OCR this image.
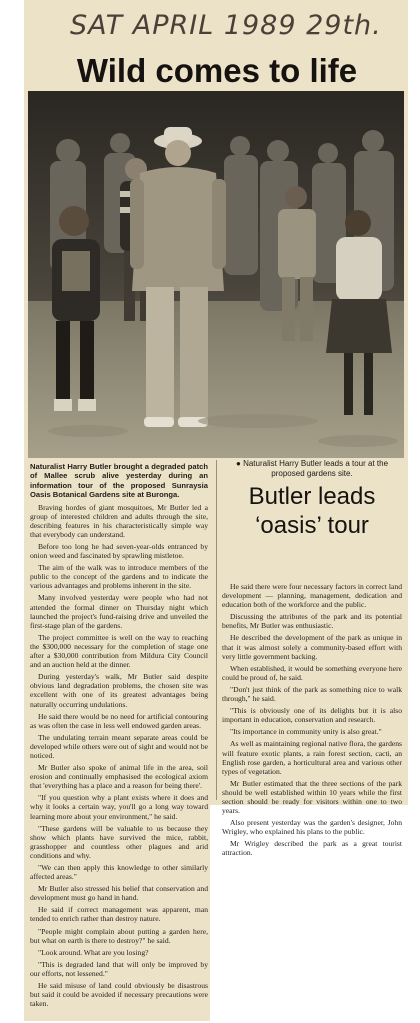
SAT APRIL 1989 29th.
Wild comes to life
● Naturalist Harry Butler leads a tour at the proposed gardens site.
Butler leads
‘oasis’ tour

Naturalist Harry Butler brought a degraded patch of Mallee scrub alive yesterday during an information tour of the proposed Sunraysia Oasis Botanical Gardens site at Buronga.

Braving hordes of giant mosquitoes, Mr Butler led a group of interested children and adults through the site, describing features in his characteristically simple way that everybody can understand.

Before too long he had seven-year-olds entranced by onion weed and fascinated by sprawling mistletoe.

The aim of the walk was to introduce members of the public to the concept of the gardens and to indicate the various advantages and problems inherent in the site.

Many involved yesterday were people who had not attended the formal dinner on Thursday night which launched the project's fund-raising drive and unveiled the first-stage plan of the gardens.

The project committee is well on the way to reaching the $300,000 necessary for the completion of stage one after a $30,000 contribution from Mildura City Council and an auction held at the dinner.

During yesterday's walk, Mr Butler said despite obvious land degradation problems, the chosen site was excellent with one of its greatest advantages being naturally occurring undulations.

He said there would be no need for artificial contouring as was often the case in less well endowed garden areas.

The undulating terrain meant separate areas could be developed while others were out of sight and would not be noticed.

Mr Butler also spoke of animal life in the area, soil erosion and continually emphasised the ecological axiom that 'everything has a place and a reason for being there'.

"If you question why a plant exists where it does and why it looks a certain way, you'll go a long way toward learning more about your environment," he said.

"These gardens will be valuable to us because they show which plants have survived the mice, rabbit, grasshopper and countless other plagues and arid conditions and why.

"We can then apply this knowledge to other similarly affected areas."

Mr Butler also stressed his belief that conservation and development must go hand in hand.

He said if correct management was apparent, man tended to enrich rather than destroy nature.

"People might complain about putting a garden here, but what on earth is there to destroy?" he said.

"Look around. What are you losing?

"This is degraded land that will only be improved by our efforts, not lessened."

He said misuse of land could obviously be disastrous but said it could be avoided if necessary precautions were taken.

He said there were four necessary factors in correct land development — planning, management, dedication and education both of the workforce and the public.

Discussing the attributes of the park and its potential benefits, Mr Butler was enthusiastic.

He described the development of the park as unique in that it was almost solely a community-based effort with very little government backing.

When established, it would be something everyone here could be proud of, he said.

"Don't just think of the park as something nice to walk through," he said.

"This is obviously one of its delights but it is also important in education, conservation and research.

"Its importance in community unity is also great."

As well as maintaining regional native flora, the gardens will feature exotic plants, a rain forest section, cacti, an English rose garden, a horticultural area and various other types of vegetation.

Mr Butler estimated that the three sections of the park should be well established within 10 years while the first section should be ready for visitors within one to two years.

Also present yesterday was the garden's designer, John Wrigley, who explained his plans to the public.

Mr Wrigley described the park as a great tourist attraction.
